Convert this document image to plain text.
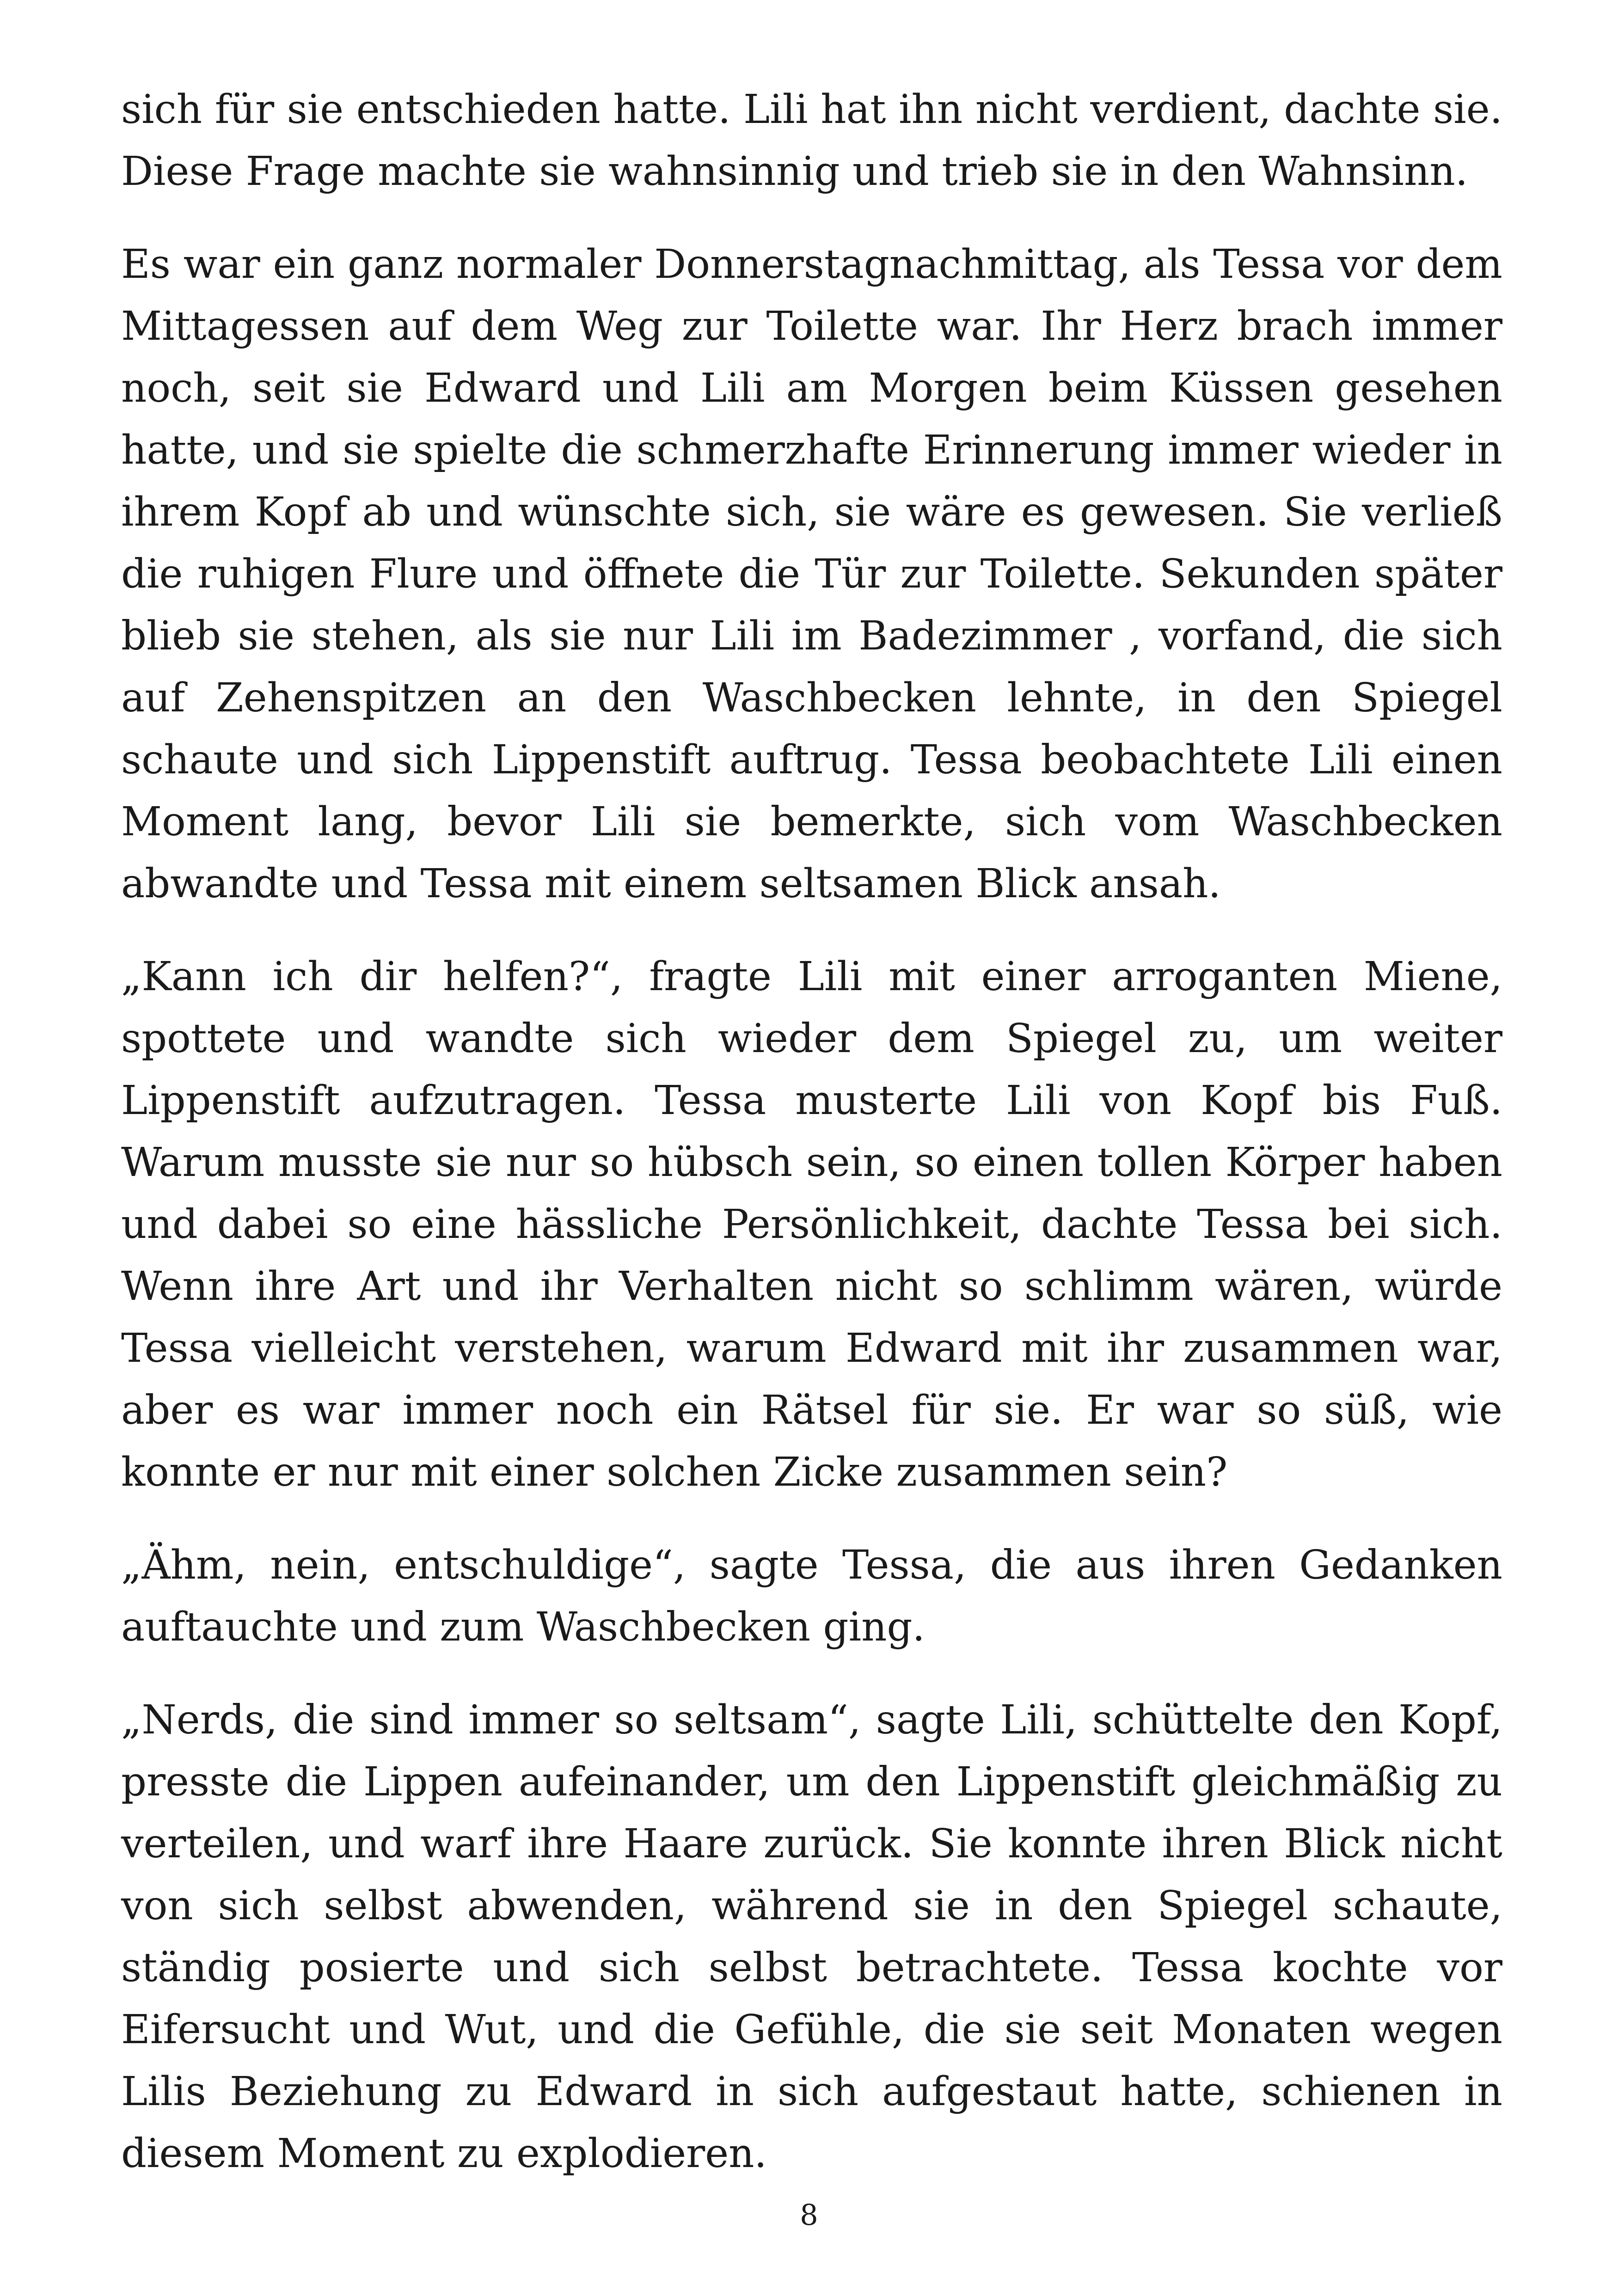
sich für sie entschieden hatte. Lili hat ihn nicht verdient, dachte sie. Diese Frage machte sie wahnsinnig und trieb sie in den Wahnsinn.

Es war ein ganz normaler Donnerstagnachmittag, als Tessa vor dem Mittagessen auf dem Weg zur Toilette war. Ihr Herz brach immer noch, seit sie Edward und Lili am Morgen beim Küssen gesehen hatte, und sie spielte die schmerzhafte Erinnerung immer wieder in ihrem Kopf ab und wünschte sich, sie wäre es gewesen. Sie verließ die ruhigen Flure und öffnete die Tür zur Toilette. Sekunden später blieb sie stehen, als sie nur Lili im Badezimmer , vorfand, die sich auf Zehenspitzen an den Waschbecken lehnte, in den Spiegel schaute und sich Lippenstift auftrug. Tessa beobachtete Lili einen Moment lang, bevor Lili sie bemerkte, sich vom Waschbecken abwandte und Tessa mit einem seltsamen Blick ansah.

„Kann ich dir helfen?“, fragte Lili mit einer arroganten Miene, spottete und wandte sich wieder dem Spiegel zu, um weiter Lippenstift aufzutragen. Tessa musterte Lili von Kopf bis Fuß. Warum musste sie nur so hübsch sein, so einen tollen Körper haben und dabei so eine hässliche Persönlichkeit, dachte Tessa bei sich. Wenn ihre Art und ihr Verhalten nicht so schlimm wären, würde Tessa vielleicht verstehen, warum Edward mit ihr zusammen war, aber es war immer noch ein Rätsel für sie. Er war so süß, wie konnte er nur mit einer solchen Zicke zusammen sein?

„Ähm, nein, entschuldige“, sagte Tessa, die aus ihren Gedanken auftauchte und zum Waschbecken ging.

„Nerds, die sind immer so seltsam“, sagte Lili, schüttelte den Kopf, presste die Lippen aufeinander, um den Lippenstift gleichmäßig zu verteilen, und warf ihre Haare zurück. Sie konnte ihren Blick nicht von sich selbst abwenden, während sie in den Spiegel schaute, ständig posierte und sich selbst betrachtete. Tessa kochte vor Eifersucht und Wut, und die Gefühle, die sie seit Monaten wegen Lilis Beziehung zu Edward in sich aufgestaut hatte, schienen in diesem Moment zu explodieren.

8
